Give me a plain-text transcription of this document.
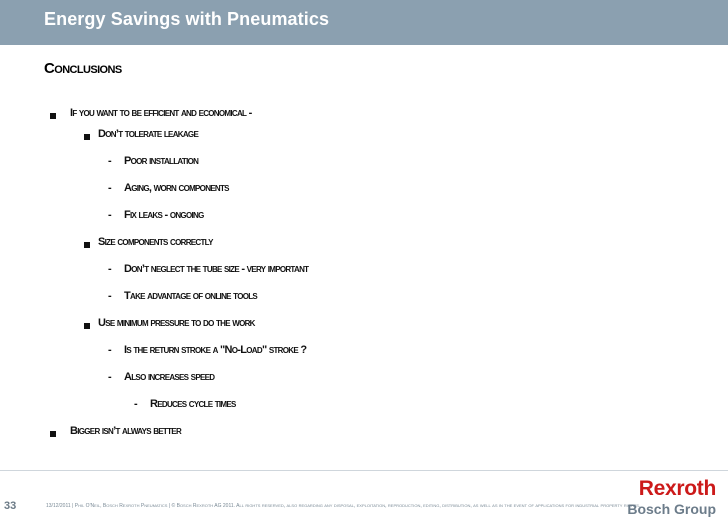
Energy Savings with Pneumatics
Conclusions
If you want to be efficient and economical -
Don’t tolerate leakage
- Poor installation
- Aging, worn components
- Fix leaks - ongoing
Size components correctly
- Don’t neglect the tube size - very important
- Take advantage of online tools
Use minimum pressure to do the work
- Is the return stroke a "No-Load" stroke ?
- Also increases speed
- Reduces cycle times
Bigger isn’t always better
33	13/12/2011 | Phil O'Neil, Bosch Rexroth Pneumatics | © Bosch Rexroth AG 2011. All rights reserved, also regarding any disposal, exploitation, reproduction, editing, distribution, as well as in the event of applications for industrial property rights.
Rexroth
Bosch Group
